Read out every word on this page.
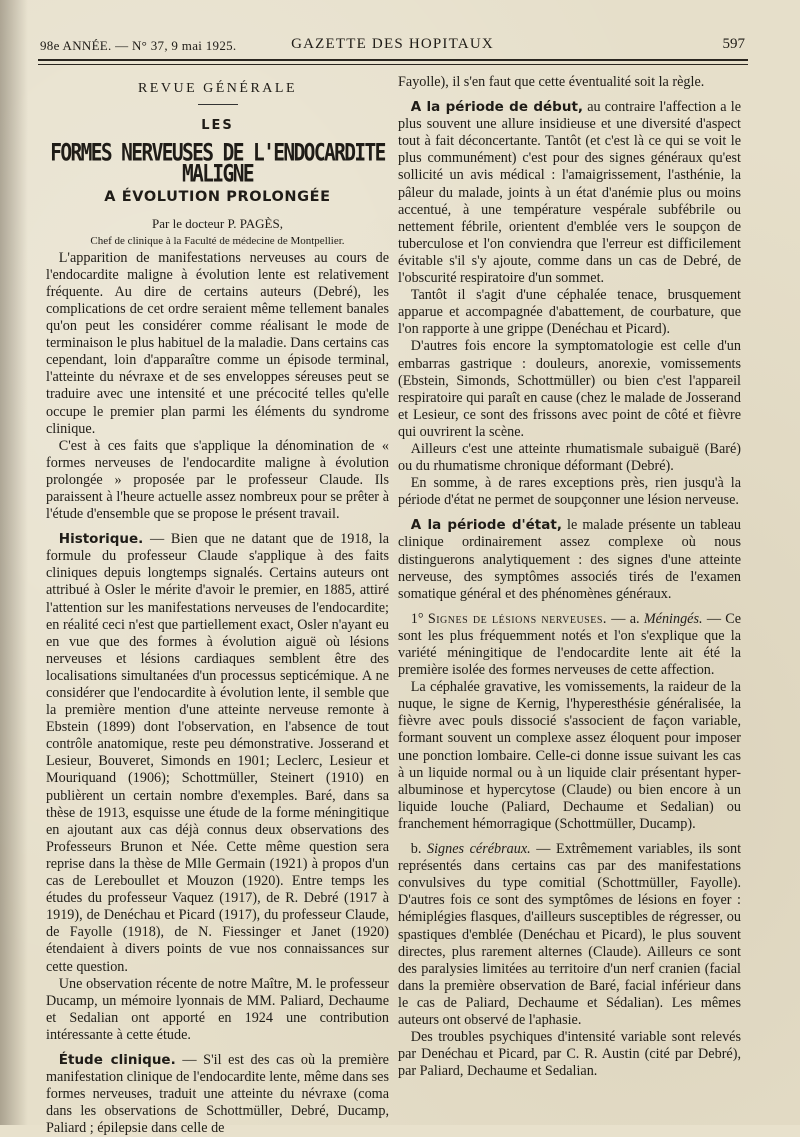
98e ANNÉE. — N° 37, 9 mai 1925.	GAZETTE DES HOPITAUX	597
REVUE GÉNÉRALE
LES
FORMES NERVEUSES DE L'ENDOCARDITE MALIGNE
A ÉVOLUTION PROLONGÉE

Par le docteur P. PAGÈS,

Chef de clinique à la Faculté de médecine de Montpellier.

L'apparition de manifestations nerveuses au cours de l'endocardite maligne à évolution lente est relativement fréquente. Au dire de certains auteurs (Debré), les complications de cet ordre seraient même tellement banales qu'on peut les considérer comme réalisant le mode de terminaison le plus habituel de la maladie. Dans certains cas cependant, loin d'apparaître comme un épisode terminal, l'atteinte du névraxe et de ses enveloppes séreuses peut se traduire avec une intensité et une précocité telles qu'elle occupe le premier plan parmi les éléments du syndrome clinique.

C'est à ces faits que s'applique la dénomination de « formes nerveuses de l'endocardite maligne à évolution prolongée » proposée par le professeur Claude. Ils paraissent à l'heure actuelle assez nombreux pour se prêter à l'étude d'ensemble que se propose le présent travail.

Historique. — Bien que ne datant que de 1918, la formule du professeur Claude s'applique à des faits cliniques depuis longtemps signalés. Certains auteurs ont attribué à Osler le mérite d'avoir le premier, en 1885, attiré l'attention sur les manifestations nerveuses de l'endocardite; en réalité ceci n'est que partiellement exact, Osler n'ayant eu en vue que des formes à évolution aiguë où lésions nerveuses et lésions cardiaques semblent être des localisations simultanées d'un processus septicémique. A ne considérer que l'endocardite à évolution lente, il semble que la première mention d'une atteinte nerveuse remonte à Ebstein (1899) dont l'observation, en l'absence de tout contrôle anatomique, reste peu démonstrative. Josserand et Lesieur, Bouveret, Simonds en 1901; Leclerc, Lesieur et Mouriquand (1906); Schottmüller, Steinert (1910) en publièrent un certain nombre d'exemples. Baré, dans sa thèse de 1913, esquisse une étude de la forme méningitique en ajoutant aux cas déjà connus deux observations des Professeurs Brunon et Née. Cette même question sera reprise dans la thèse de Mlle Germain (1921) à propos d'un cas de Lereboullet et Mouzon (1920). Entre temps les études du professeur Vaquez (1917), de R. Debré (1917 à 1919), de Denéchau et Picard (1917), du professeur Claude, de Fayolle (1918), de N. Fiessinger et Janet (1920) étendaient à divers points de vue nos connaissances sur cette question.

Une observation récente de notre Maître, M. le professeur Ducamp, un mémoire lyonnais de MM. Paliard, Dechaume et Sedalian ont apporté en 1924 une contribution intéressante à cette étude.

Étude clinique. — S'il est des cas où la première manifestation clinique de l'endocardite lente, même dans ses formes nerveuses, traduit une atteinte du névraxe (coma dans les observations de Schottmüller, Debré, Ducamp, Paliard ; épilepsie dans celle de

Fayolle), il s'en faut que cette éventualité soit la règle.

A la période de début, au contraire l'affection a le plus souvent une allure insidieuse et une diversité d'aspect tout à fait déconcertante. Tantôt (et c'est là ce qui se voit le plus communément) c'est pour des signes généraux qu'est sollicité un avis médical : l'amaigrissement, l'asthénie, la pâleur du malade, joints à un état d'anémie plus ou moins accentué, à une température vespérale subfébrile ou nettement fébrile, orientent d'emblée vers le soupçon de tuberculose et l'on conviendra que l'erreur est difficilement évitable s'il s'y ajoute, comme dans un cas de Debré, de l'obscurité respiratoire d'un sommet.

Tantôt il s'agit d'une céphalée tenace, brusquement apparue et accompagnée d'abattement, de courbature, que l'on rapporte à une grippe (Denéchau et Picard).

D'autres fois encore la symptomatologie est celle d'un embarras gastrique : douleurs, anorexie, vomissements (Ebstein, Simonds, Schottmüller) ou bien c'est l'appareil respiratoire qui paraît en cause (chez le malade de Josserand et Lesieur, ce sont des frissons avec point de côté et fièvre qui ouvrirent la scène.

Ailleurs c'est une atteinte rhumatismale subaiguë (Baré) ou du rhumatisme chronique déformant (Debré).

En somme, à de rares exceptions près, rien jusqu'à la période d'état ne permet de soupçonner une lésion nerveuse.

A la période d'état, le malade présente un tableau clinique ordinairement assez complexe où nous distinguerons analytiquement : des signes d'une atteinte nerveuse, des symptômes associés tirés de l'examen somatique général et des phénomènes généraux.

1° Signes de lésions nerveuses. — a. Méningés. — Ce sont les plus fréquemment notés et l'on s'explique que la variété méningitique de l'endocardite lente ait été la première isolée des formes nerveuses de cette affection.

La céphalée gravative, les vomissements, la raideur de la nuque, le signe de Kernig, l'hyperesthésie généralisée, la fièvre avec pouls dissocié s'associent de façon variable, formant souvent un complexe assez éloquent pour imposer une ponction lombaire. Celle-ci donne issue suivant les cas à un liquide normal ou à un liquide clair présentant hyper-albuminose et hypercytose (Claude) ou bien encore à un liquide louche (Paliard, Dechaume et Sedalian) ou franchement hémorragique (Schottmüller, Ducamp).

b. Signes cérébraux. — Extrêmement variables, ils sont représentés dans certains cas par des manifestations convulsives du type comitial (Schottmüller, Fayolle). D'autres fois ce sont des symptômes de lésions en foyer : hémiplégies flasques, d'ailleurs susceptibles de régresser, ou spastiques d'emblée (Denéchau et Picard), le plus souvent directes, plus rarement alternes (Claude). Ailleurs ce sont des paralysies limitées au territoire d'un nerf cranien (facial dans la première observation de Baré, facial inférieur dans le cas de Paliard, Dechaume et Sédalian). Les mêmes auteurs ont observé de l'aphasie.

Des troubles psychiques d'intensité variable sont relevés par Denéchau et Picard, par C. R. Austin (cité par Debré), par Paliard, Dechaume et Sedalian.
